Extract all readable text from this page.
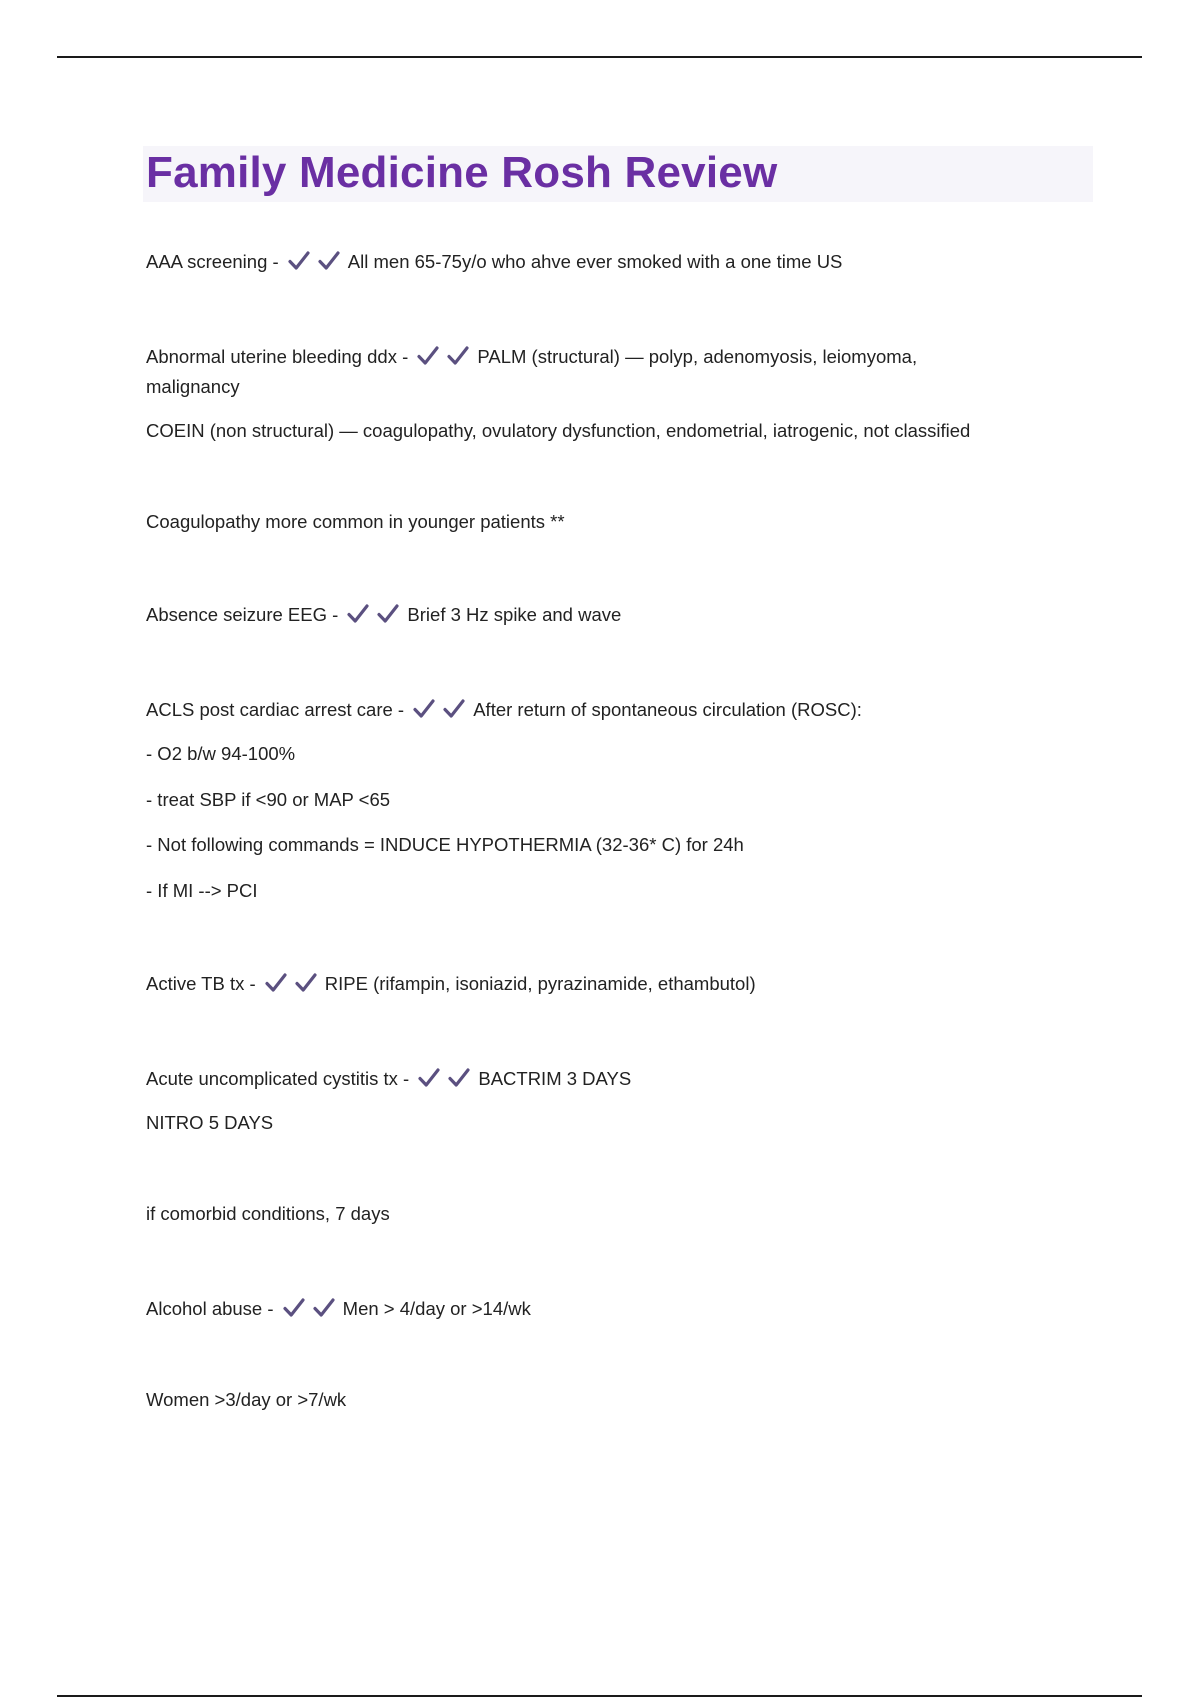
Family Medicine Rosh Review

AAA screening -	All men 65-75y/o who ahve ever smoked with a one time US

Abnormal uterine bleeding ddx -	PALM (structural) — polyp, adenomyosis, leiomyoma,

malignancy

COEIN (non structural) — coagulopathy, ovulatory dysfunction, endometrial, iatrogenic, not classified

Coagulopathy more common in younger patients **

Absence seizure EEG -	Brief 3 Hz spike and wave

ACLS post cardiac arrest care -	After return of spontaneous circulation (ROSC):

- O2 b/w 94-100%

- treat SBP if <90 or MAP <65

- Not following commands = INDUCE HYPOTHERMIA (32-36* C) for 24h

- If MI --> PCI

Active TB tx -	RIPE (rifampin, isoniazid, pyrazinamide, ethambutol)

Acute uncomplicated cystitis tx -	BACTRIM 3 DAYS

NITRO 5 DAYS

if comorbid conditions, 7 days

Alcohol abuse -	Men > 4/day or >14/wk

Women >3/day or >7/wk
